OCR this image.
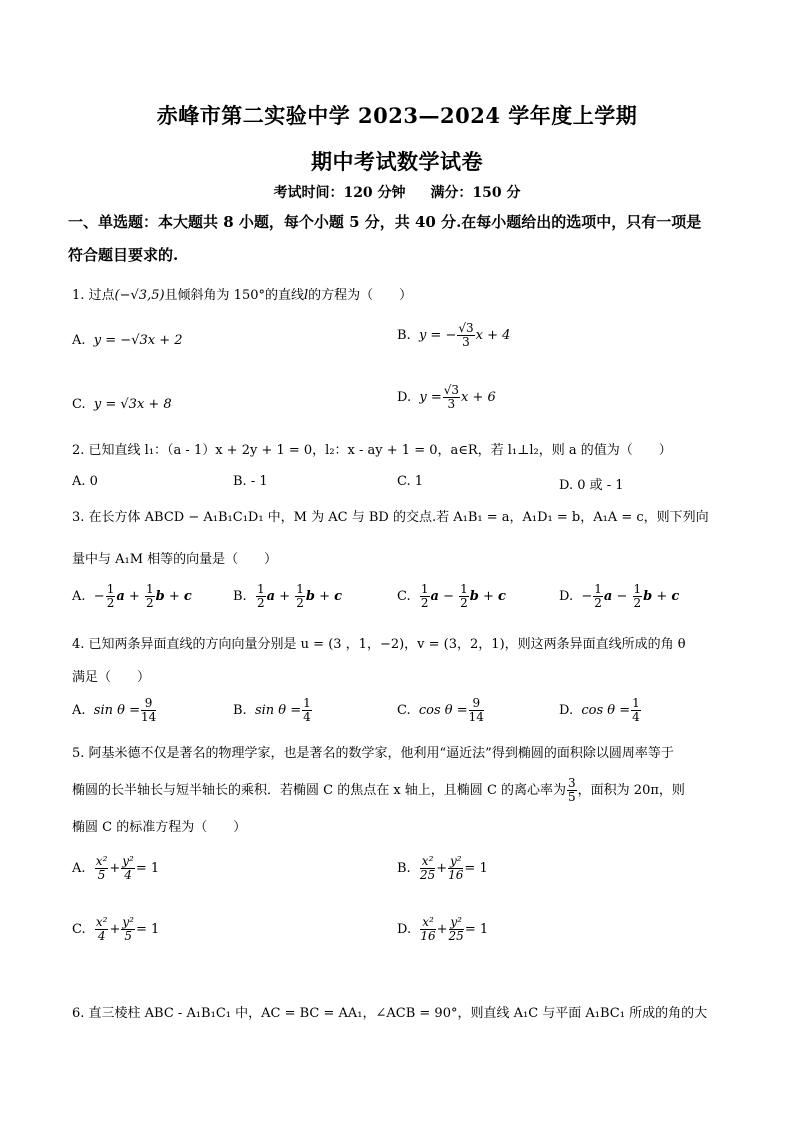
赤峰市第二实验中学 2023—2024 学年度上学期
期中考试数学试卷
考试时间：120 分钟 满分：150 分
一、单选题：本大题共 8 小题，每个小题 5 分，共 40 分.在每小题给出的选项中，只有一项是
符合题目要求的.
1. 过点(−√3,5)且倾斜角为 150°的直线l的方程为（　　）
A. y = −√3x + 2	B. y = − $\frac{√3}{3}$ x + 4
C. y = √3x + 8	D. $y = \frac{√3}{3}$ x + 6
2. 已知直线 l₁：（a - 1）x + 2y + 1 = 0，l₂：x - ay + 1 = 0，a∈R，若 l₁⊥l₂，则 a 的值为（　　）
A. 0	B. - 1	C. 1	D. 0 或 - 1
3. 在长方体 ABCD − A₁B₁C₁D₁ 中，M 为 AC 与 BD 的交点.若 A₁B₁ = a，A₁D₁ = b，A₁A = c，则下列向
量中与 A₁M 相等的向量是（　　）
A.  − $\frac{1}{2}$ $a + \frac{1}{2}$ b + c	B. $\frac{1}{2}$ $a + \frac{1}{2}$ b + c	C. $\frac{1}{2}$ $a - \frac{1}{2}$ b + c	D.  − $\frac{1}{2}$ $a - \frac{1}{2}$ b + c
4. 已知两条异面直线的方向向量分别是 u = (3 ，1，−2)，v = (3，2，1)，则这两条异面直线所成的角 θ
满足（　　）
A. $\sin \theta = \frac{9}{14}$	B. $\sin \theta = \frac{1}{4}$	C. $\cos \theta = \frac{9}{14}$	D. $\cos \theta = \frac{1}{4}$
5. 阿基米德不仅是著名的物理学家，也是著名的数学家，他利用“逼近法”得到椭圆的面积除以圆周率等于
椭圆的长半轴长与短半轴长的乘积．若椭圆 C 的焦点在 x 轴上，且椭圆 C 的离心率为 $\frac{3}{5}$ ，面积为 20π，则
椭圆 C 的标准方程为（　　）
A. $\frac{\text{x²}}{5} + \frac{\text{y²}}{4} = 1$	B. $\frac{\text{x²}}{25} + \frac{\text{y²}}{16} = 1$
C. $\frac{\text{x²}}{4} + \frac{\text{y²}}{5} = 1$	D. $\frac{\text{x²}}{16} + \frac{\text{y²}}{25} = 1$
6. 直三棱柱 ABC - A₁B₁C₁ 中，AC = BC = AA₁，∠ACB = 90°，则直线 A₁C 与平面 A₁BC₁ 所成的角的大
